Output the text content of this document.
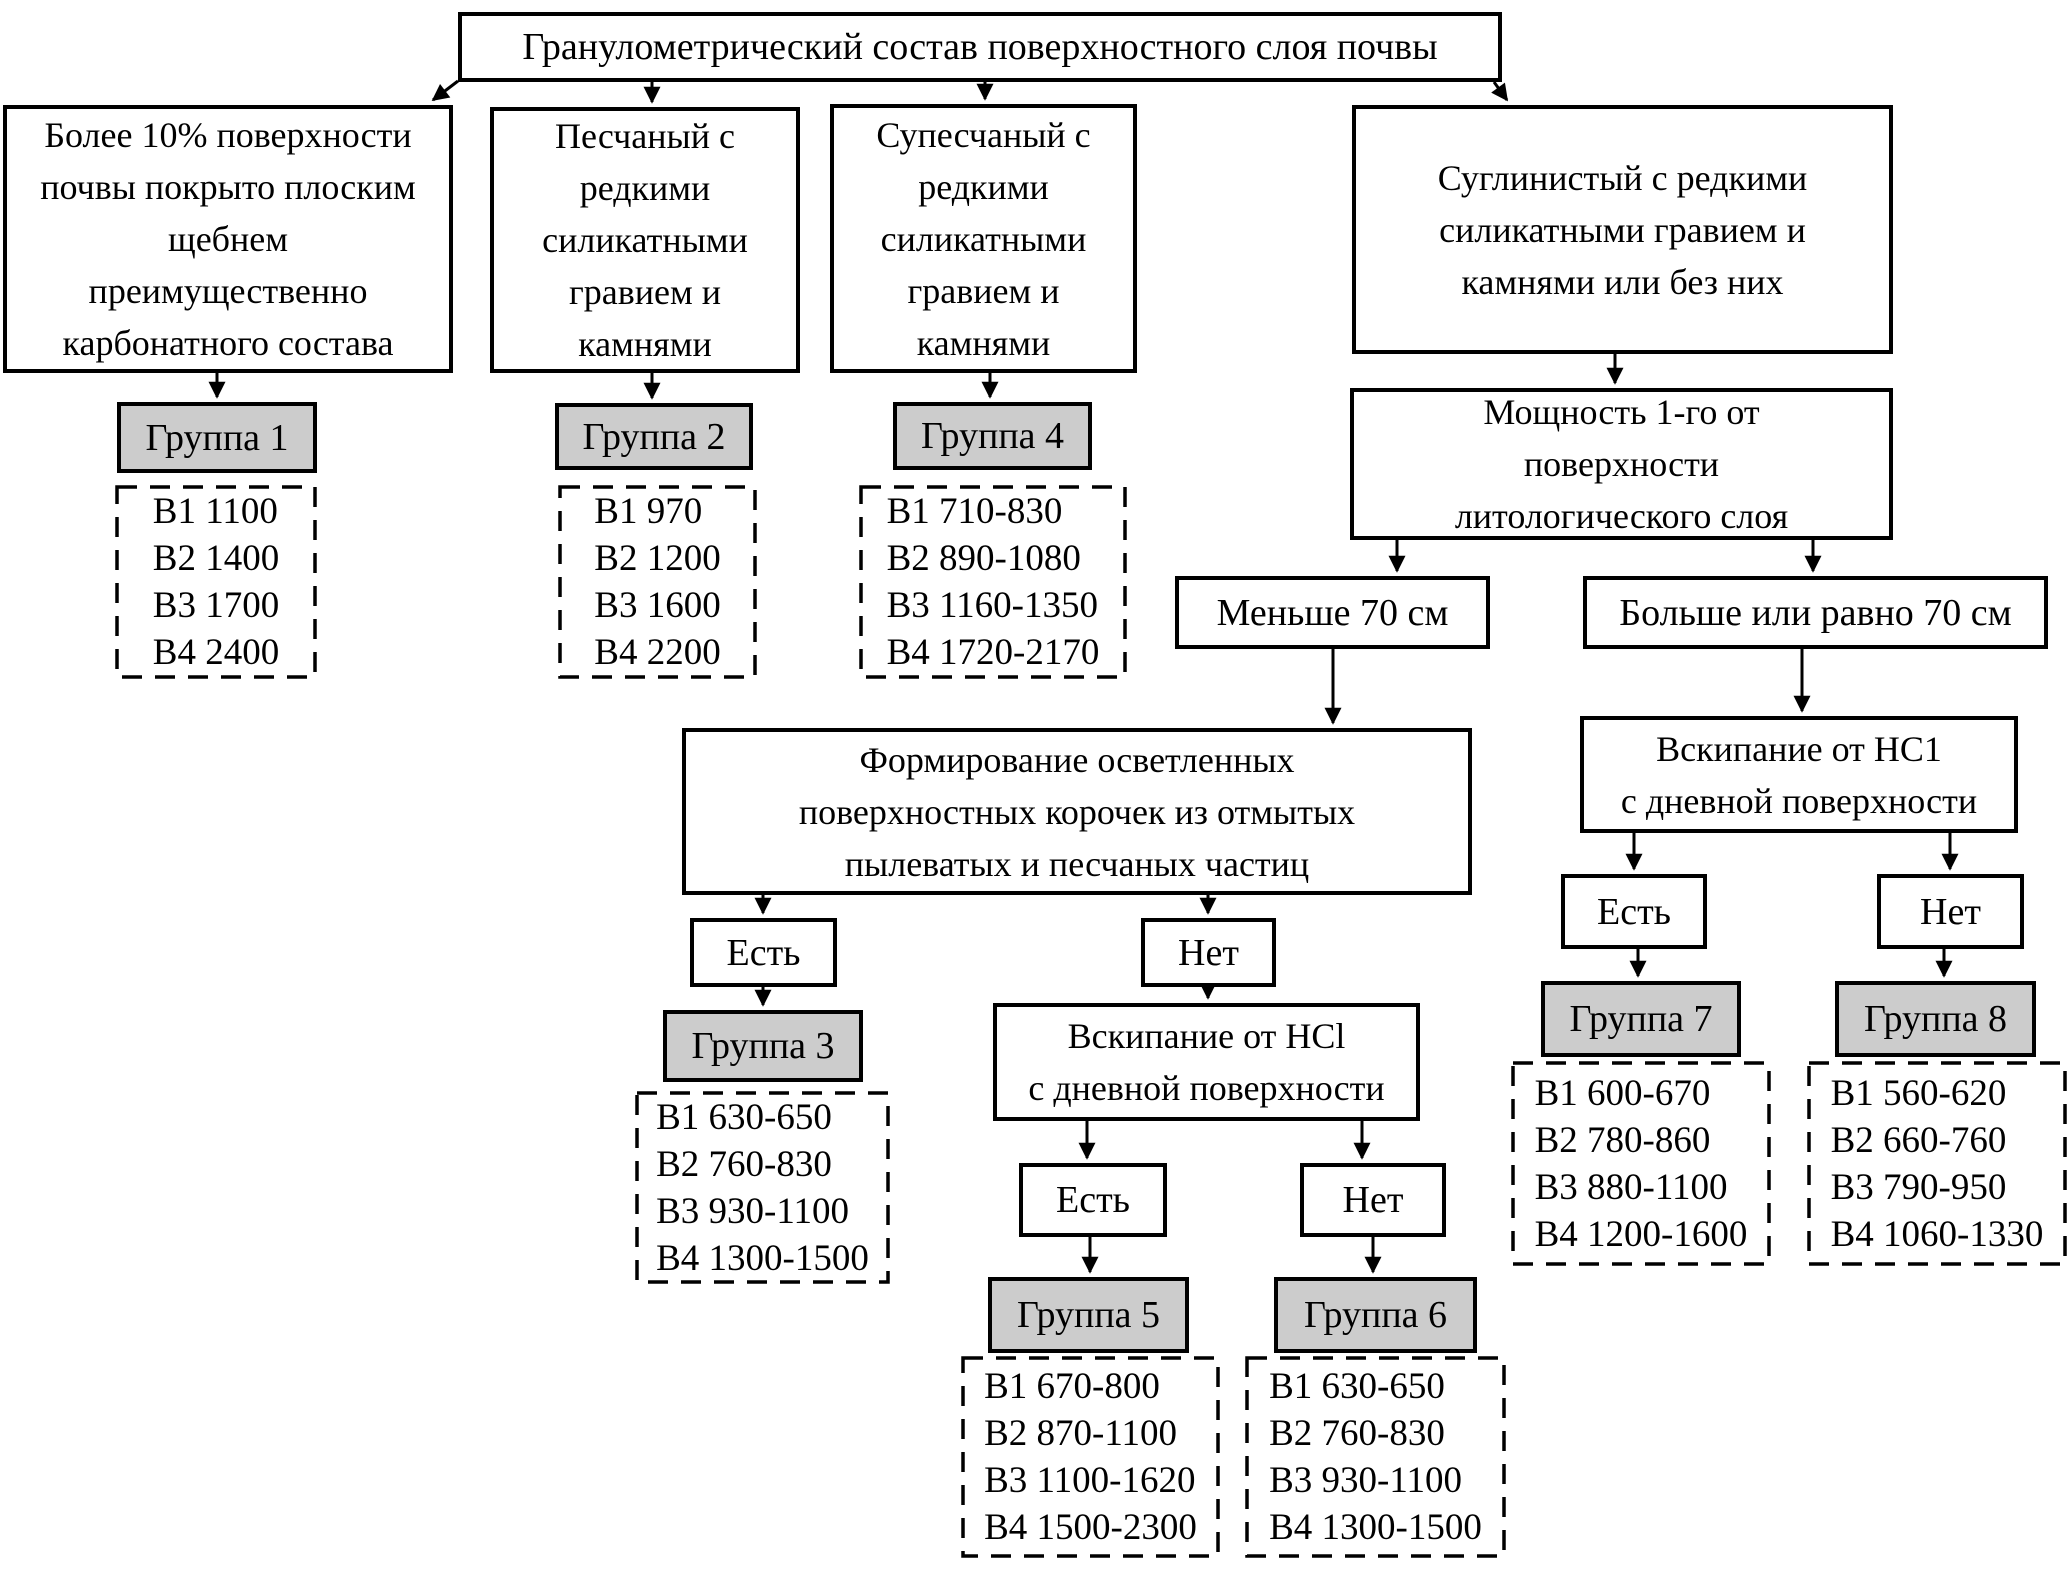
Гранулометрический состав поверхностного слоя почвы
Более 10% поверхности
почвы покрыто плоским
щебнем
преимущественно
карбонатного состава
Песчаный с
редкими
силикатными
гравием и
камнями
Супесчаный с
редкими
силикатными
гравием и
камнями
Суглинистый с редкими
силикатными гравием и
камнями или без них
Мощность 1-го от
поверхности
литологического слоя
Меньше 70 см	Больше или равно 70 см
Формирование осветленных
поверхностных корочек из отмытых
пылеватых и песчаных частиц
Есть	Нет
Вскипание от HCl
с дневной поверхности
Есть	Нет
Вскипание от HC1
с дневной поверхности
Есть	Нет
Группа 1	Группа 2	Группа 4
Группа 3
Группа 5	Группа 6
Группа 7	Группа 8
В1 1100
В2 1400
В3 1700
В4 2400
В1 970
В2 1200
В3 1600
В4 2200
В1 710-830
В2 890-1080
В3 1160-1350
В4 1720-2170
В1 630-650
В2 760-830
В3 930-1100
В4 1300-1500
В1 670-800
В2 870-1100
В3 1100-1620
В4 1500-2300
В1 630-650
В2 760-830
В3 930-1100
В4 1300-1500
В1 600-670
В2 780-860
В3 880-1100
В4 1200-1600
В1 560-620
В2 660-760
В3 790-950
В4 1060-1330
